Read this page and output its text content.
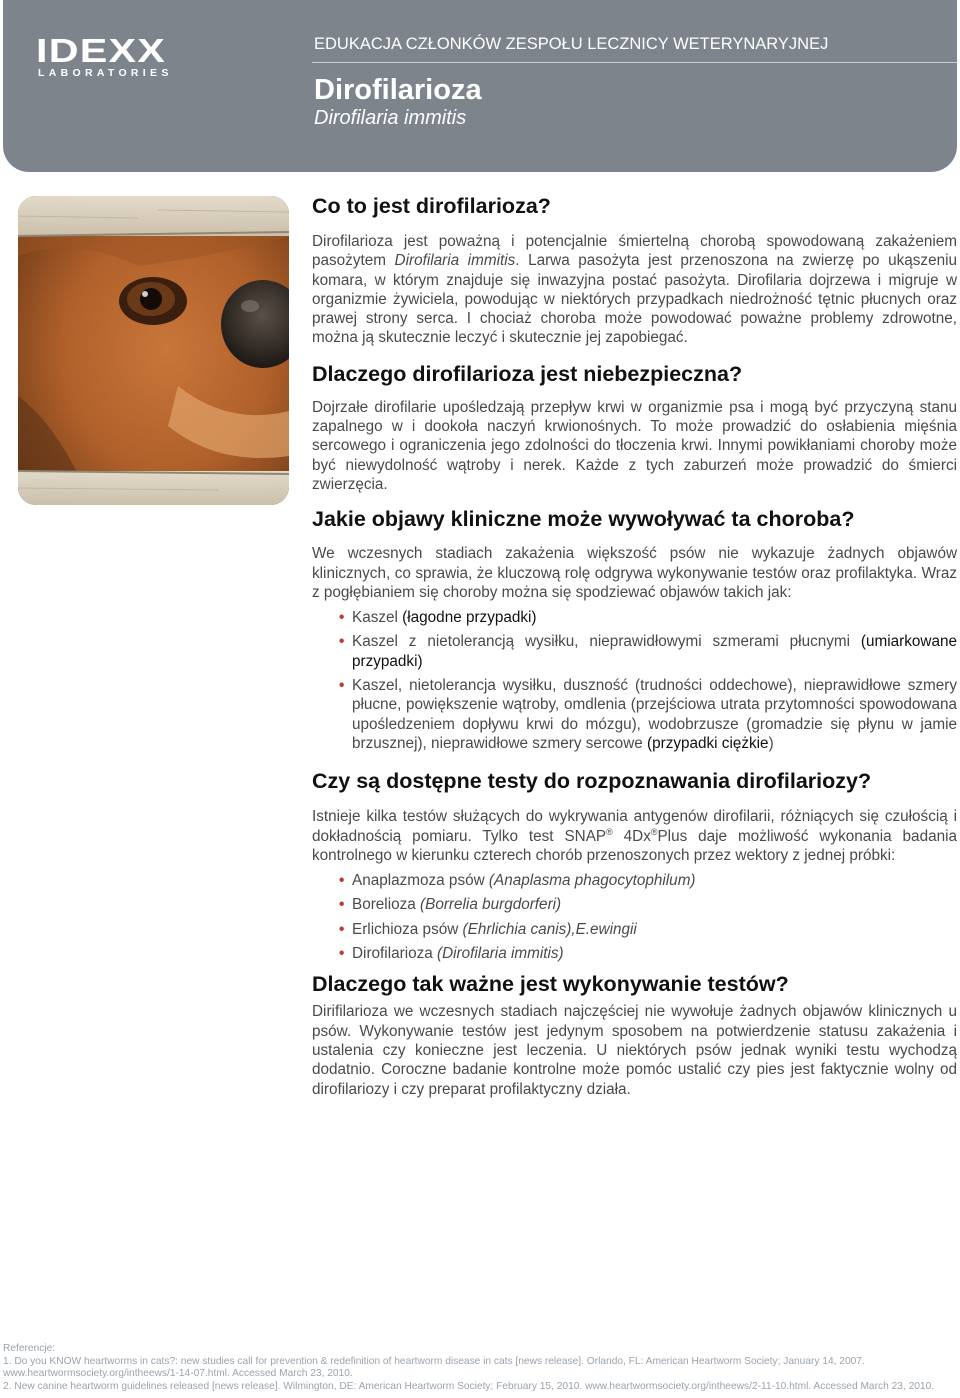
IDEXX
LABORATORIES
EDUKACJA CZŁONKÓW ZESPOŁU LECZNICY WETERYNARYJNEJ
Dirofilarioza
Dirofilaria immitis
Co to jest dirofilarioza?

Dirofilarioza jest poważną i potencjalnie śmiertelną chorobą spowodowaną zakażeniem pasożytem Dirofilaria immitis. Larwa pasożyta jest przenoszona na zwierzę po ukąszeniu komara, w którym znajduje się inwazyjna postać pasożyta. Dirofilaria dojrzewa i migruje w organizmie żywiciela, powodując w niektórych przypadkach niedrożność tętnic płucnych oraz prawej strony serca. I chociaż choroba może powodować poważne problemy zdrowotne, można ją skutecznie leczyć i skutecznie jej zapobiegać.

Dlaczego dirofilarioza jest niebezpieczna?

Dojrzałe dirofilarie upośledzają przepływ krwi w organizmie psa i mogą być przyczyną stanu zapalnego w i dookoła naczyń krwionośnych. To może prowadzić do osłabienia mięśnia sercowego i ograniczenia jego zdolności do tłoczenia krwi. Innymi powikłaniami choroby może być niewydolność wątroby i nerek. Każde z tych zaburzeń może prowadzić do śmierci zwierzęcia.

Jakie objawy kliniczne może wywoływać ta choroba?

We wczesnych stadiach zakażenia większość psów nie wykazuje żadnych objawów klinicznych, co sprawia, że kluczową rolę odgrywa wykonywanie testów oraz profilaktyka. Wraz z pogłębianiem się choroby można się spodziewać objawów takich jak:

• Kaszel (łagodne przypadki)
• Kaszel z nietolerancją wysiłku, nieprawidłowymi szmerami płucnymi (umiarkowane przypadki)
• Kaszel, nietolerancja wysiłku, duszność (trudności oddechowe), nieprawidłowe szmery płucne, powiększenie wątroby, omdlenia (przejściowa utrata przytomności spowodowana upośledzeniem dopływu krwi do mózgu), wodobrzusze (gromadzie się płynu w jamie brzusznej), nieprawidłowe szmery sercowe (przypadki ciężkie)
Czy są dostępne testy do rozpoznawania dirofilariozy?

Istnieje kilka testów służących do wykrywania antygenów dirofilarii, różniących się czułością i dokładnością pomiaru. Tylko test SNAP® 4Dx®Plus daje możliwość wykonania badania kontrolnego w kierunku czterech chorób przenoszonych przez wektory z jednej próbki:

• Anaplazmoza psów (Anaplasma phagocytophilum)
• Borelioza (Borrelia burgdorferi)
• Erlichioza psów (Ehrlichia canis),E.ewingii
• Dirofilarioza (Dirofilaria immitis)
Dlaczego tak ważne jest wykonywanie testów?

Dirifilarioza we wczesnych stadiach najczęściej nie wywołuje żadnych objawów klinicznych u psów. Wykonywanie testów jest jedynym sposobem na potwierdzenie statusu zakażenia i ustalenia czy konieczne jest leczenia. U niektórych psów jednak wyniki testu wychodzą dodatnio. Coroczne badanie kontrolne może pomóc ustalić czy pies jest faktycznie wolny od dirofilariozy i czy preparat profilaktyczny działa.

Referencje:
1. Do you KNOW heartworms in cats?: new studies call for prevention & redefinition of heartworm disease in cats [news release]. Orlando, FL: American Heartworm Society; January 14, 2007. www.heartwormsociety.org/intheews/1-14-07.html. Accessed March 23, 2010.
2. New canine heartworm guidelines released [news release]. Wilmington, DE: American Heartworm Society; February 15, 2010. www.heartwormsociety.org/intheews/2-11-10.html. Accessed March 23, 2010.
